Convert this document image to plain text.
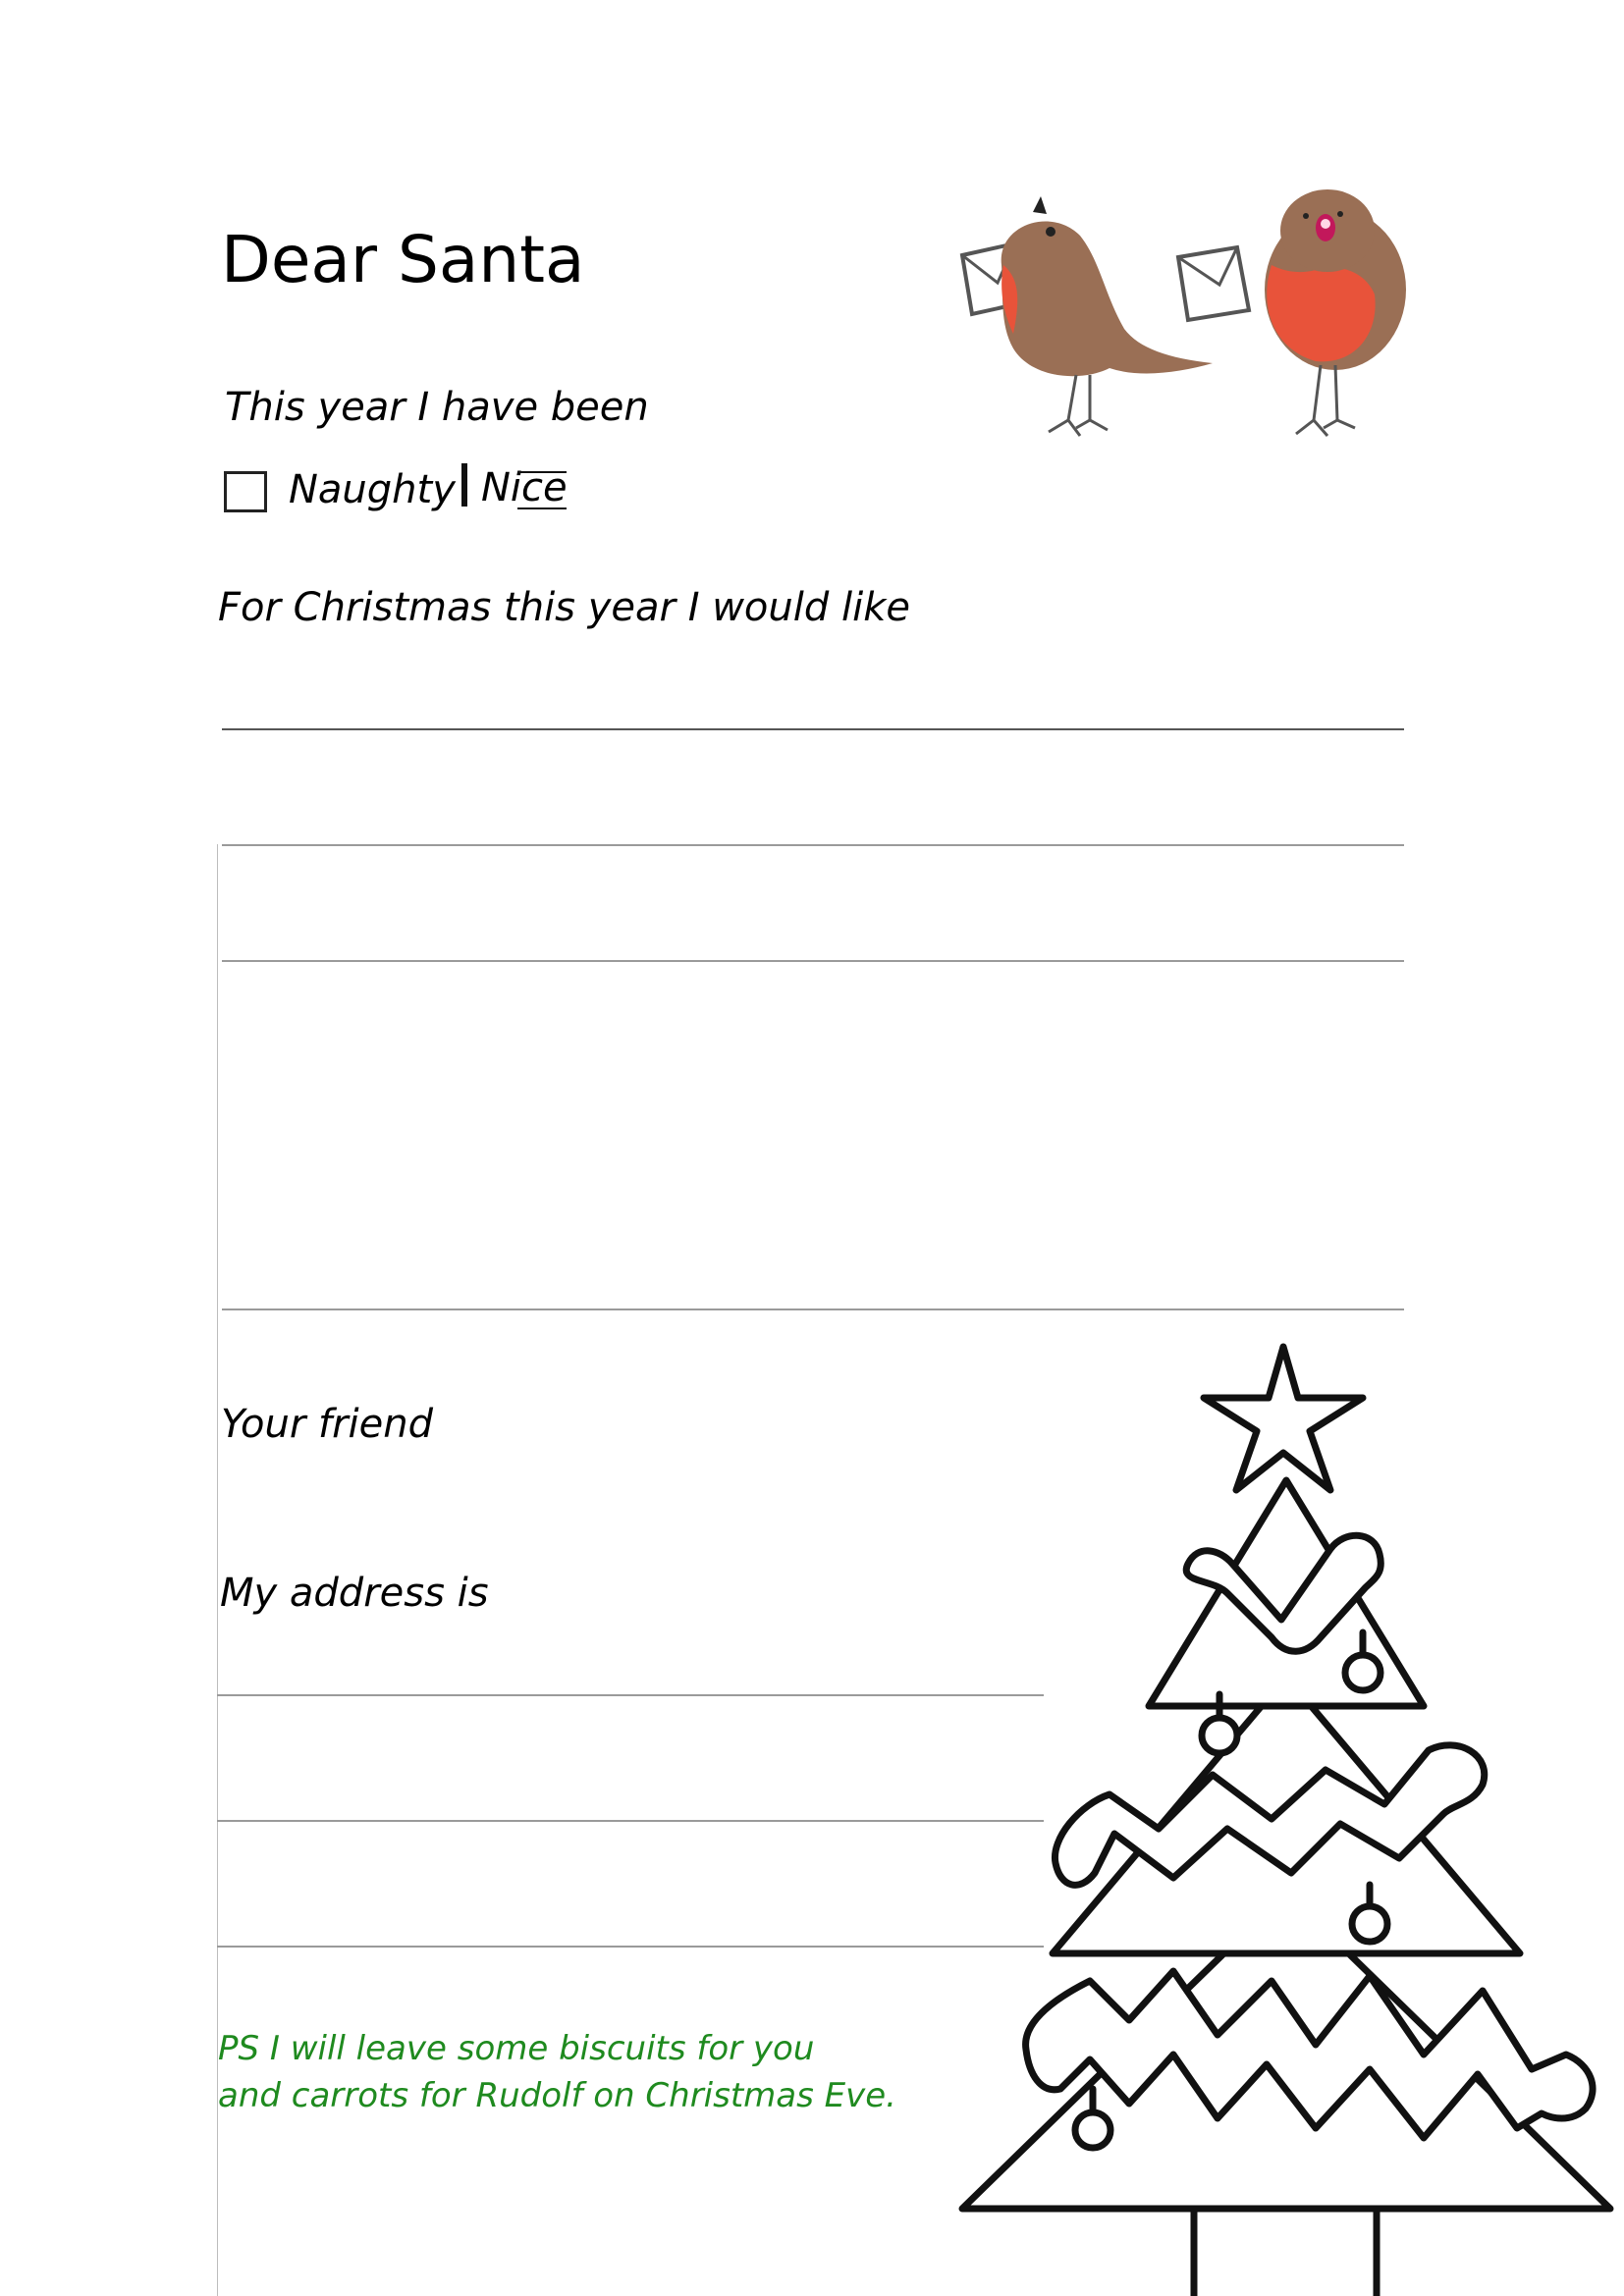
Dear Santa
This year I have been
Naughty Nice
For Christmas this year I would like
Your friend
My address is
PS I will leave some biscuits for you
and carrots for Rudolf on Christmas Eve.
